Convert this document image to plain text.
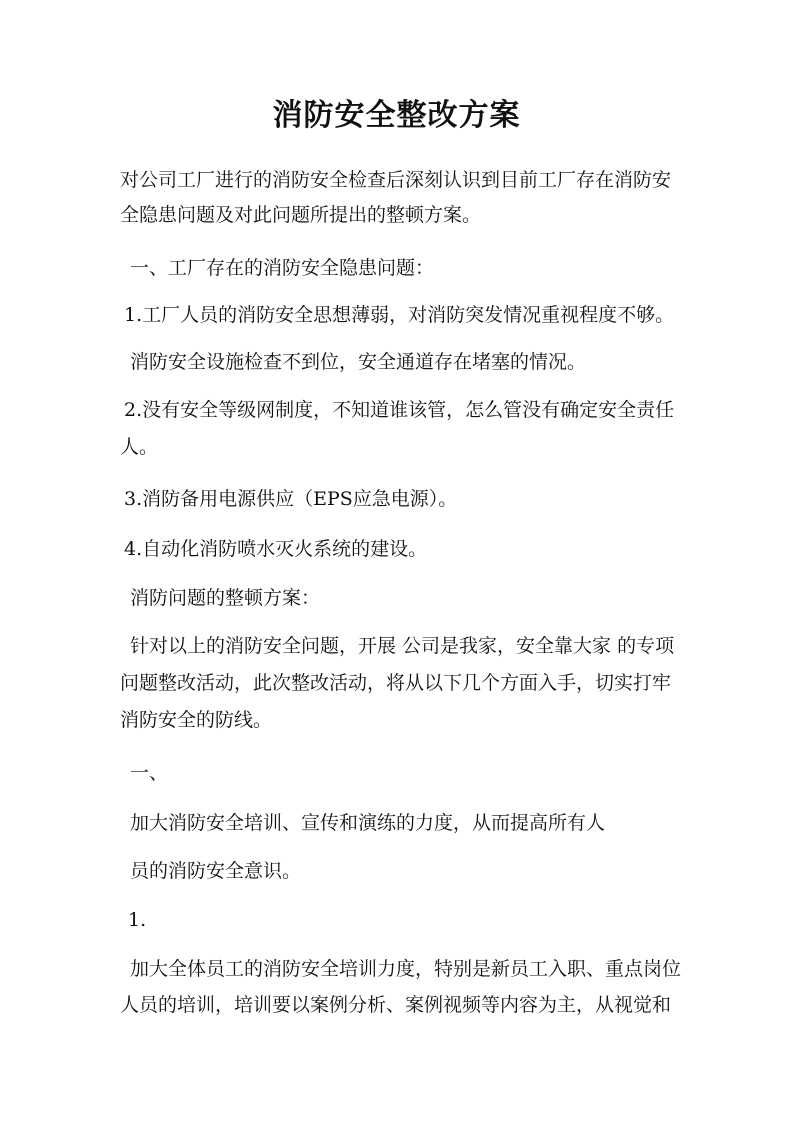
消防安全整改方案

对公司工厂进行的消防安全检查后深刻认识到目前工厂存在消防安

全隐患问题及对此问题所提出的整顿方案。

一、工厂存在的消防安全隐患问题：

1.工厂人员的消防安全思想薄弱，对消防突发情况重视程度不够。

消防安全设施检查不到位，安全通道存在堵塞的情况。

2.没有安全等级网制度，不知道谁该管，怎么管没有确定安全责任

人。

3.消防备用电源供应（EPS应急电源）。

4.自动化消防喷水灭火系统的建设。

消防问题的整顿方案：

针对以上的消防安全问题，开展 公司是我家，安全靠大家 的专项

问题整改活动，此次整改活动，将从以下几个方面入手，切实打牢

消防安全的防线。

一、

加大消防安全培训、宣传和演练的力度，从而提高所有人

员的消防安全意识。

1.

加大全体员工的消防安全培训力度，特别是新员工入职、重点岗位

人员的培训，培训要以案例分析、案例视频等内容为主，从视觉和
